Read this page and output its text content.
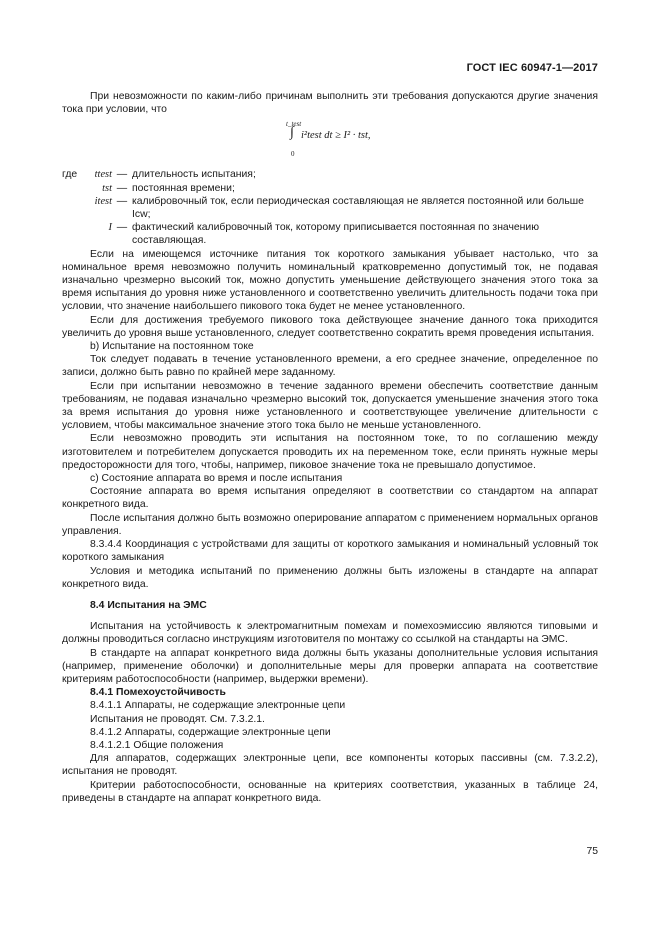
ГОСТ IEC 60947-1—2017

При невозможности по каким-либо причинам выполнить эти требования допускаются другие значения тока при условии, что

t_test
∫
0
i²test dt ≥ I² · tst,
где	ttest — длительность испытания;
tst — постоянная времени;
itest — калибровочный ток, если периодическая составляющая не является постоянной или больше Icw;
I — фактический калибровочный ток, которому приписывается постоянная по значению составляющая.

Если на имеющемся источнике питания ток короткого замыкания убывает настолько, что за номинальное время невозможно получить номинальный кратковременно допустимый ток, не подавая изначально чрезмерно высокий ток, можно допустить уменьшение действующего значения этого тока за время испытания до уровня ниже установленного и соответственно увеличить длительность подачи тока при условии, что значение наибольшего пикового тока будет не менее установленного.

Если для достижения требуемого пикового тока действующее значение данного тока приходится увеличить до уровня выше установленного, следует соответственно сократить время проведения испытания.

b) Испытание на постоянном токе

Ток следует подавать в течение установленного времени, а его среднее значение, определенное по записи, должно быть равно по крайней мере заданному.

Если при испытании невозможно в течение заданного времени обеспечить соответствие данным требованиям, не подавая изначально чрезмерно высокий ток, допускается уменьшение значения этого тока за время испытания до уровня ниже установленного и соответствующее увеличение длительности с условием, чтобы максимальное значение этого тока было не меньше установленного.

Если невозможно проводить эти испытания на постоянном токе, то по соглашению между изготовителем и потребителем допускается проводить их на переменном токе, если принять нужные меры предосторожности для того, чтобы, например, пиковое значение тока не превышало допустимое.

c) Состояние аппарата во время и после испытания

Состояние аппарата во время испытания определяют в соответствии со стандартом на аппарат конкретного вида.

После испытания должно быть возможно оперирование аппаратом с применением нормальных органов управления.

8.3.4.4 Координация с устройствами для защиты от короткого замыкания и номинальный условный ток короткого замыкания

Условия и методика испытаний по применению должны быть изложены в стандарте на аппарат конкретного вида.

8.4 Испытания на ЭМС

Испытания на устойчивость к электромагнитным помехам и помехоэмиссию являются типовыми и должны проводиться согласно инструкциям изготовителя по монтажу со ссылкой на стандарты на ЭМС.

В стандарте на аппарат конкретного вида должны быть указаны дополнительные условия испытания (например, применение оболочки) и дополнительные меры для проверки аппарата на соответствие критериям работоспособности (например, выдержки времени).

8.4.1 Помехоустойчивость

8.4.1.1 Аппараты, не содержащие электронные цепи

Испытания не проводят. См. 7.3.2.1.

8.4.1.2 Аппараты, содержащие электронные цепи

8.4.1.2.1 Общие положения

Для аппаратов, содержащих электронные цепи, все компоненты которых пассивны (см. 7.3.2.2), испытания не проводят.

Критерии работоспособности, основанные на критериях соответствия, указанных в таблице 24, приведены в стандарте на аппарат конкретного вида.

75
